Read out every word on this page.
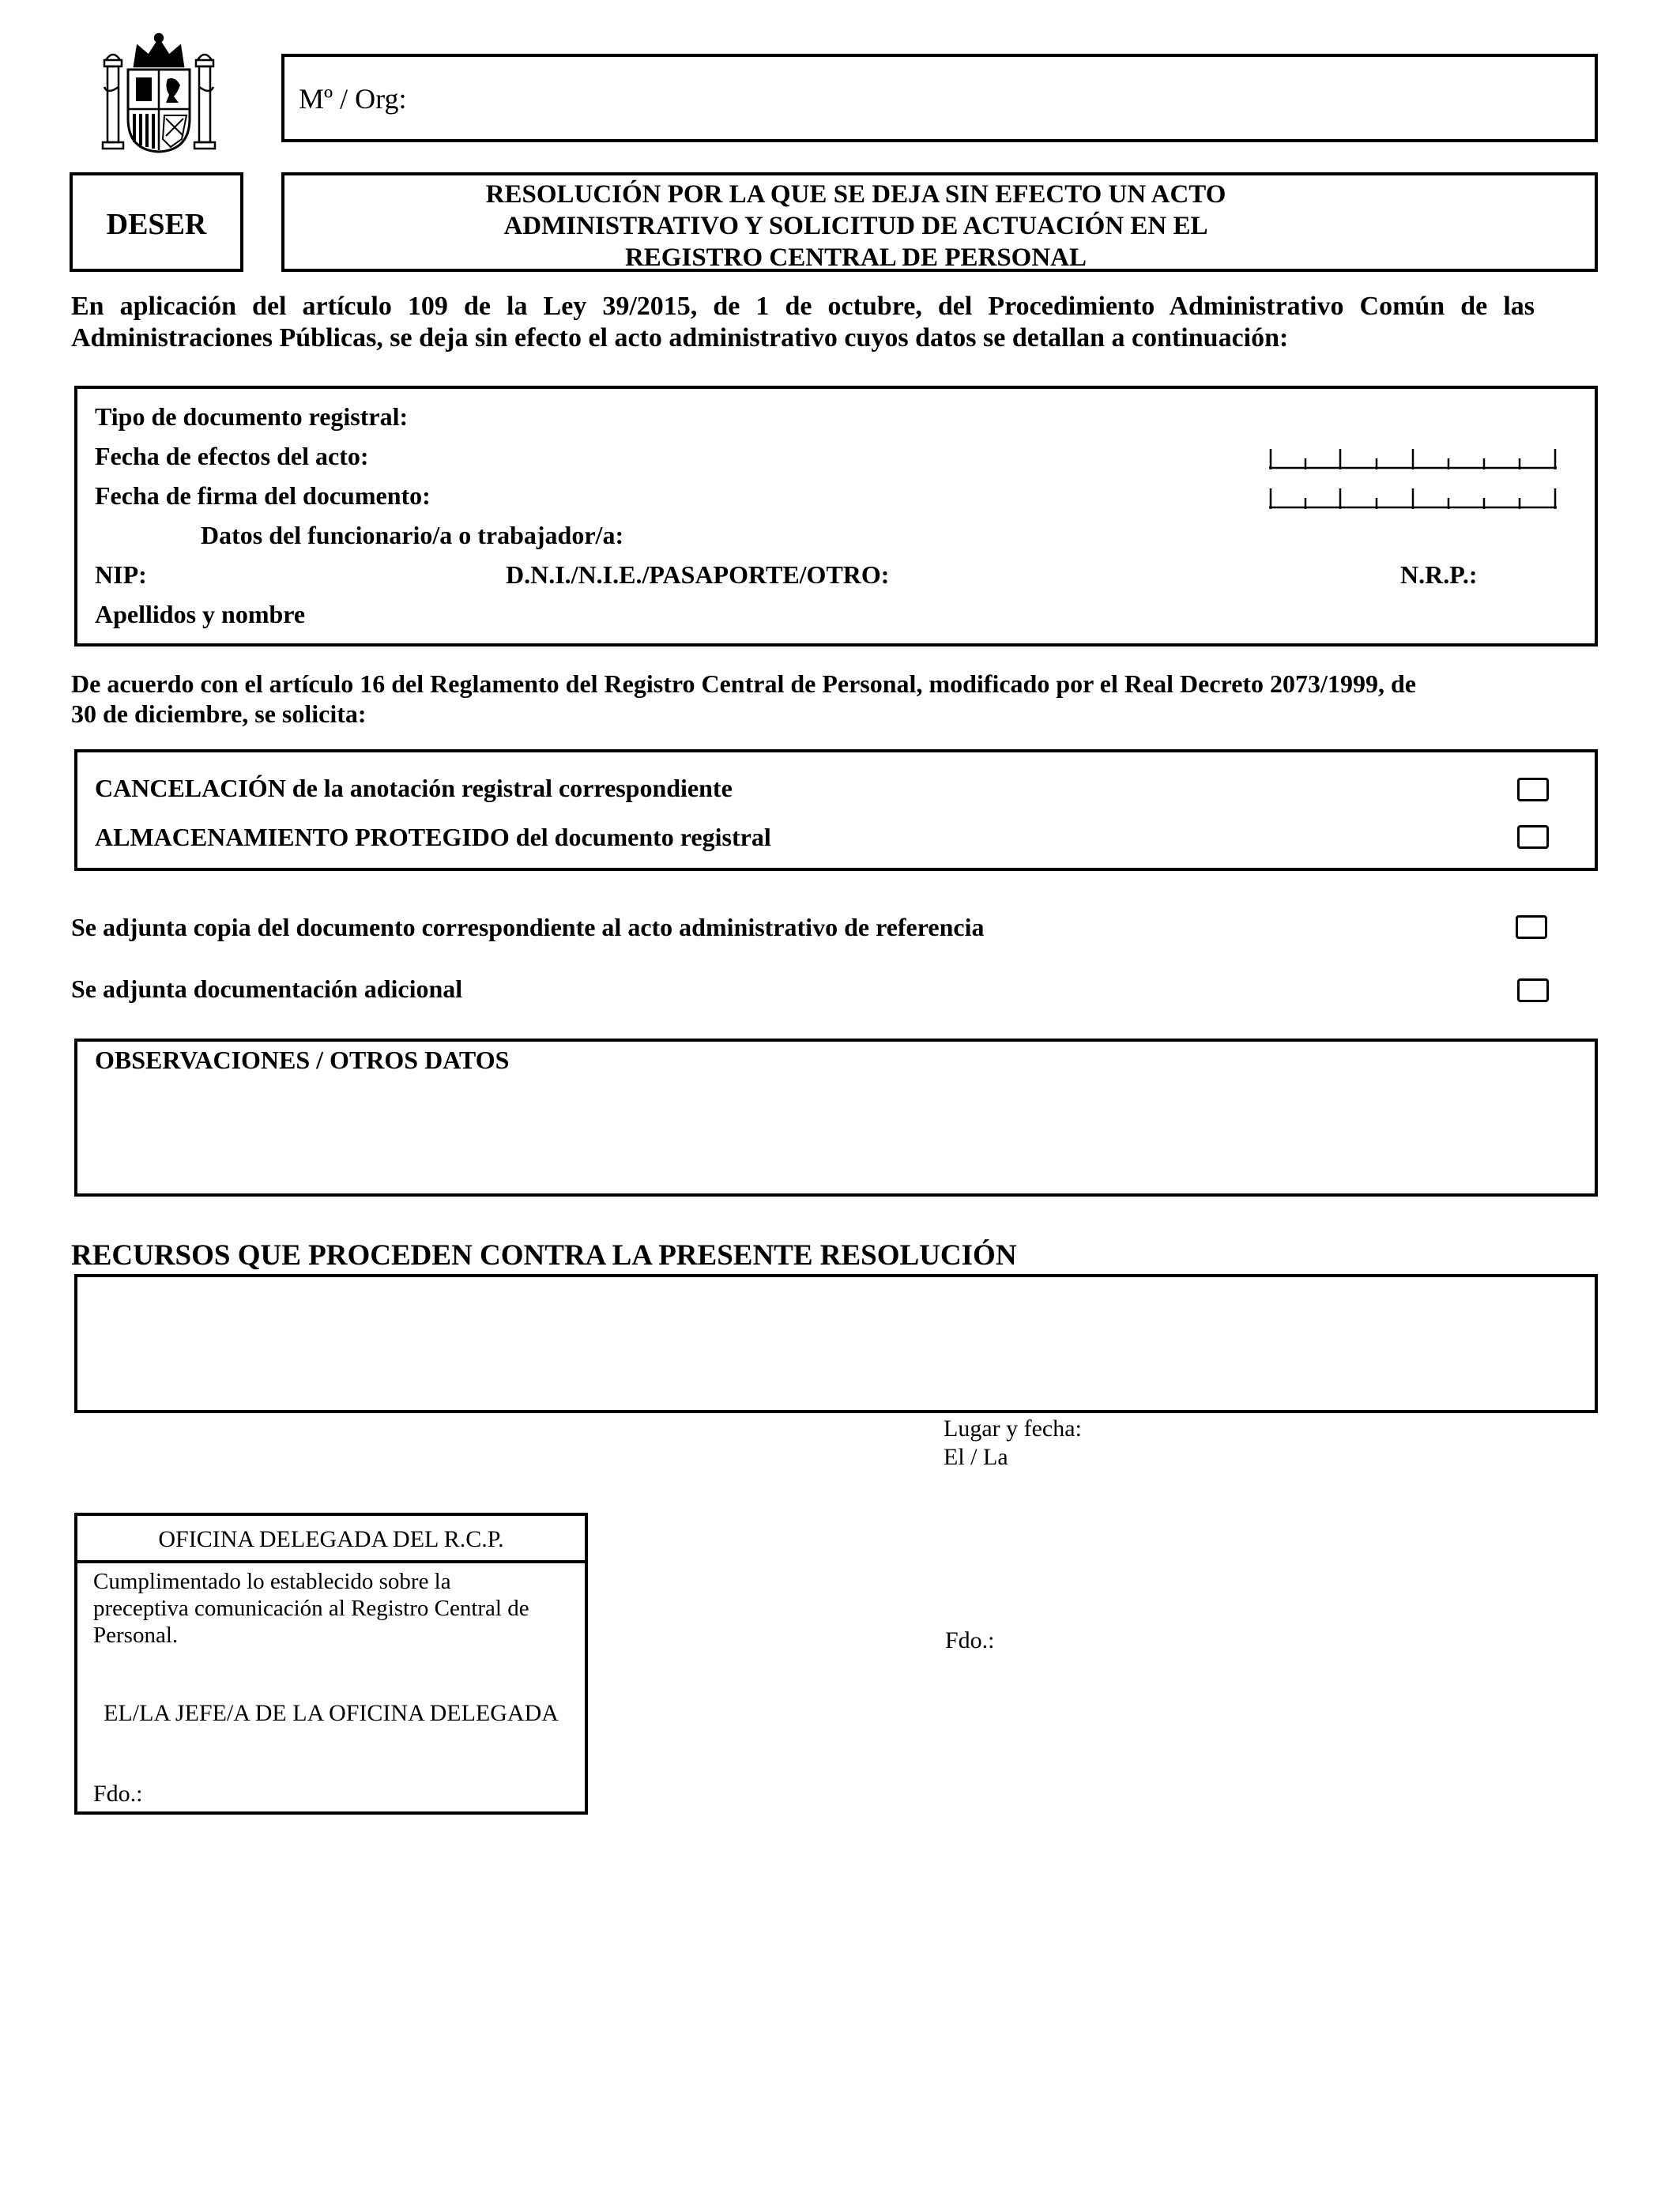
Mº / Org:
DESER
RESOLUCIÓN POR LA QUE SE DEJA SIN EFECTO UN ACTO
ADMINISTRATIVO Y SOLICITUD DE ACTUACIÓN EN EL
REGISTRO CENTRAL DE PERSONAL
En aplicación del artículo 109 de la Ley 39/2015, de 1 de octubre, del Procedimiento Administrativo Común de las
Administraciones Públicas, se deja sin efecto el acto administrativo cuyos datos se detallan a continuación:
Tipo de documento registral:
Fecha de efectos del acto:
Fecha de firma del documento:
Datos del funcionario/a o trabajador/a:
NIP:	D.N.I./N.I.E./PASAPORTE/OTRO:	N.R.P.:
Apellidos y nombre
De acuerdo con el artículo 16 del Reglamento del Registro Central de Personal, modificado por el Real Decreto 2073/1999, de
30 de diciembre, se solicita:
CANCELACIÓN de la anotación registral correspondiente
ALMACENAMIENTO PROTEGIDO del documento registral
Se adjunta copia del documento correspondiente al acto administrativo de referencia
Se adjunta documentación adicional
OBSERVACIONES / OTROS DATOS
RECURSOS QUE PROCEDEN CONTRA LA PRESENTE RESOLUCIÓN
Lugar y fecha:
El / La
Fdo.:
OFICINA DELEGADA DEL R.C.P.
Cumplimentado lo establecido sobre la
preceptiva comunicación al Registro Central de
Personal.
EL/LA JEFE/A DE LA OFICINA DELEGADA
Fdo.:
